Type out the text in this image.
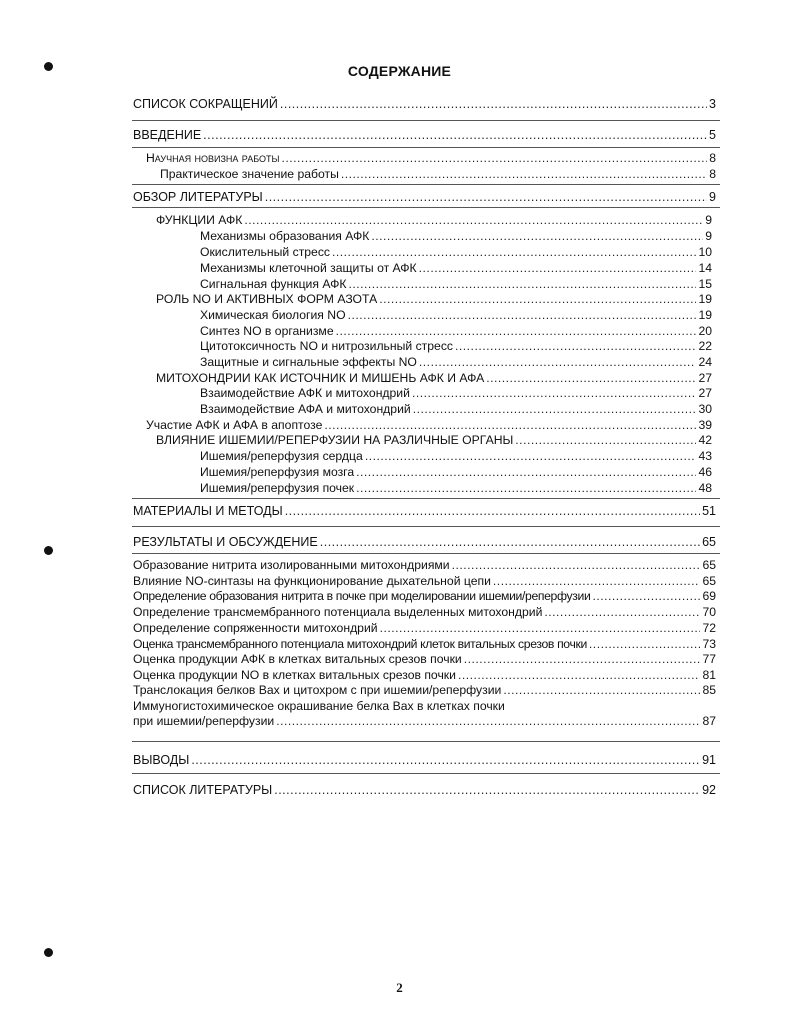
СОДЕРЖАНИЕ
СПИСОК СОКРАЩЕНИЙ .....	3
ВВЕДЕНИЕ .....	5
Научная новизна работы .....	8
Практическое значение работы .....	8
ОБЗОР ЛИТЕРАТУРЫ .....	9
ФУНКЦИИ АФК .....	9
Механизмы образования АФК .....	9
Окислительный стресс .....	10
Механизмы клеточной защиты от АФК .....	14
Сигнальная функция АФК .....	15
РОЛЬ NO И АКТИВНЫХ ФОРМ АЗОТА .....	19
Химическая биология NO .....	19
Синтез NO в организме .....	20
Цитотоксичность NO и нитрозильный стресс .....	22
Защитные и сигнальные эффекты NO .....	24
МИТОХОНДРИИ КАК ИСТОЧНИК И МИШЕНЬ АФК И АФА .....	27
Взаимодействие АФК и митохондрий .....	27
Взаимодействие АФА и митохондрий .....	30
Участие АФК и АФА в апоптозе .....	39
ВЛИЯНИЕ ИШЕМИИ/РЕПЕРФУЗИИ НА РАЗЛИЧНЫЕ ОРГАНЫ .....	42
Ишемия/реперфузия сердца .....	43
Ишемия/реперфузия мозга .....	46
Ишемия/реперфузия почек .....	48
МАТЕРИАЛЫ И МЕТОДЫ .....	51
РЕЗУЛЬТАТЫ И ОБСУЖДЕНИЕ .....	65
Образование нитрита изолированными митохондриями .....	65
Влияние NO-синтазы на функционирование дыхательной цепи .....	65
Определение образования нитрита в почке при моделировании ишемии/реперфузии .....	69
Определение трансмембранного потенциала выделенных митохондрий .....	70
Определение сопряженности митохондрий .....	72
Оценка трансмембранного потенциала митохондрий клеток витальных срезов почки .....	73
Оценка продукции АФК в клетках витальных срезов почки .....	77
Оценка продукции NO в клетках витальных срезов почки .....	81
Транслокация белков Bax и цитохром c при ишемии/реперфузии .....	85
Иммуногистохимическое окрашивание белка Bax в клетках почки
при ишемии/реперфузии .....	87
ВЫВОДЫ .....	91
СПИСОК ЛИТЕРАТУРЫ .....	92
2
